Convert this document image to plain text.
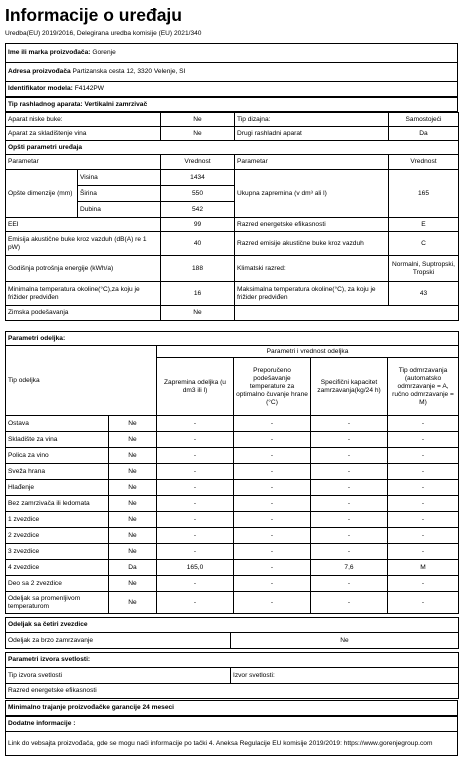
Informacije o uređaju
Uredba(EU) 2019/2016, Delegirana uredba komisije (EU) 2021/340
Ime ili marka proizvođača: Gorenje
Adresa proizvođača Partizanska cesta 12, 3320 Velenje, SI
Identifikator modela: F4142PW
Tip rashladnog aparata: Vertikalni zamrzivač
Aparat niske buke:		Ne	Tip dizajna:	Samostojeći
Aparat za skladištenje vina		Ne	Drugi rashladni aparat	Da
Opšti parametri uređaja				
Parametar		Vrednost	Parametar	Vrednost
Opšte dimenzije (mm)	Visina	1434	Ukupna zapremina (v dm³ ali l)	165
	Širina	550		
	Dubina	542		
EEI		99	Razred energetske efikasnosti	E
Emisija akustične buke kroz vazduh (dB(A) re 1 pW)		40	Razred emisije akustične buke kroz vazduh	C
Godišnja potrošnja energije (kWh/a)		188	Klimatski razred:	Normalni, Suptropski, Tropski
Minimalna temperatura okoline(°C),za koju je frižider predviđen		16	Maksimalna temperatura okoline(°C), za koju je frižider predviđen	43
Zimska podešavanja		Ne		
Parametri odeljka:					
Tip odeljka		Parametri i vrednost odeljka			
		Zapremina odeljka (u dm3 ili l)	Preporučeno podešavanje temperature za optimalno čuvanje hrane (°C)	Specifični kapacitet zamrzavanja(kg/24 h)	Tip odmrzavanja (automatsko odmrzavanje = A, ručno odmrzavanje = M)
Ostava	Ne	-	-	-	-
Skladište za vina	Ne	-	-	-	-
Polica za vino	Ne	-	-	-	-
Sveža hrana	Ne	-	-	-	-
Hlađenje	Ne	-	-	-	-
Bez zamrzivača ili ledomata	Ne	-	-	-	-
1 zvezdice	Ne	-	-	-	-
2 zvezdice	Ne	-	-	-	-
3 zvezdice	Ne	-	-	-	-
4 zvezdice	Da	165,0	-	7,6	M
Deo sa 2 zvezdice	Ne	-	-	-	-
Odeljak sa promenljivom temperaturom	Ne	-	-	-	-
Odeljak sa četiri zvezdice
Odeljak za brzo zamrzavanje	Ne
Parametri izvora svetlosti:
Tip izvora svetlosti	Izvor svetlosti:
Razred energetske efikasnosti
Minimalno trajanje proizvođačke garancije 24 meseci
Dodatne informacije :
Link do vebsajta proizvođača, gde se mogu naći informacije po tački 4. Aneksa Regulacije EU komisije 2019/2019: https://www.gorenjegroup.com
